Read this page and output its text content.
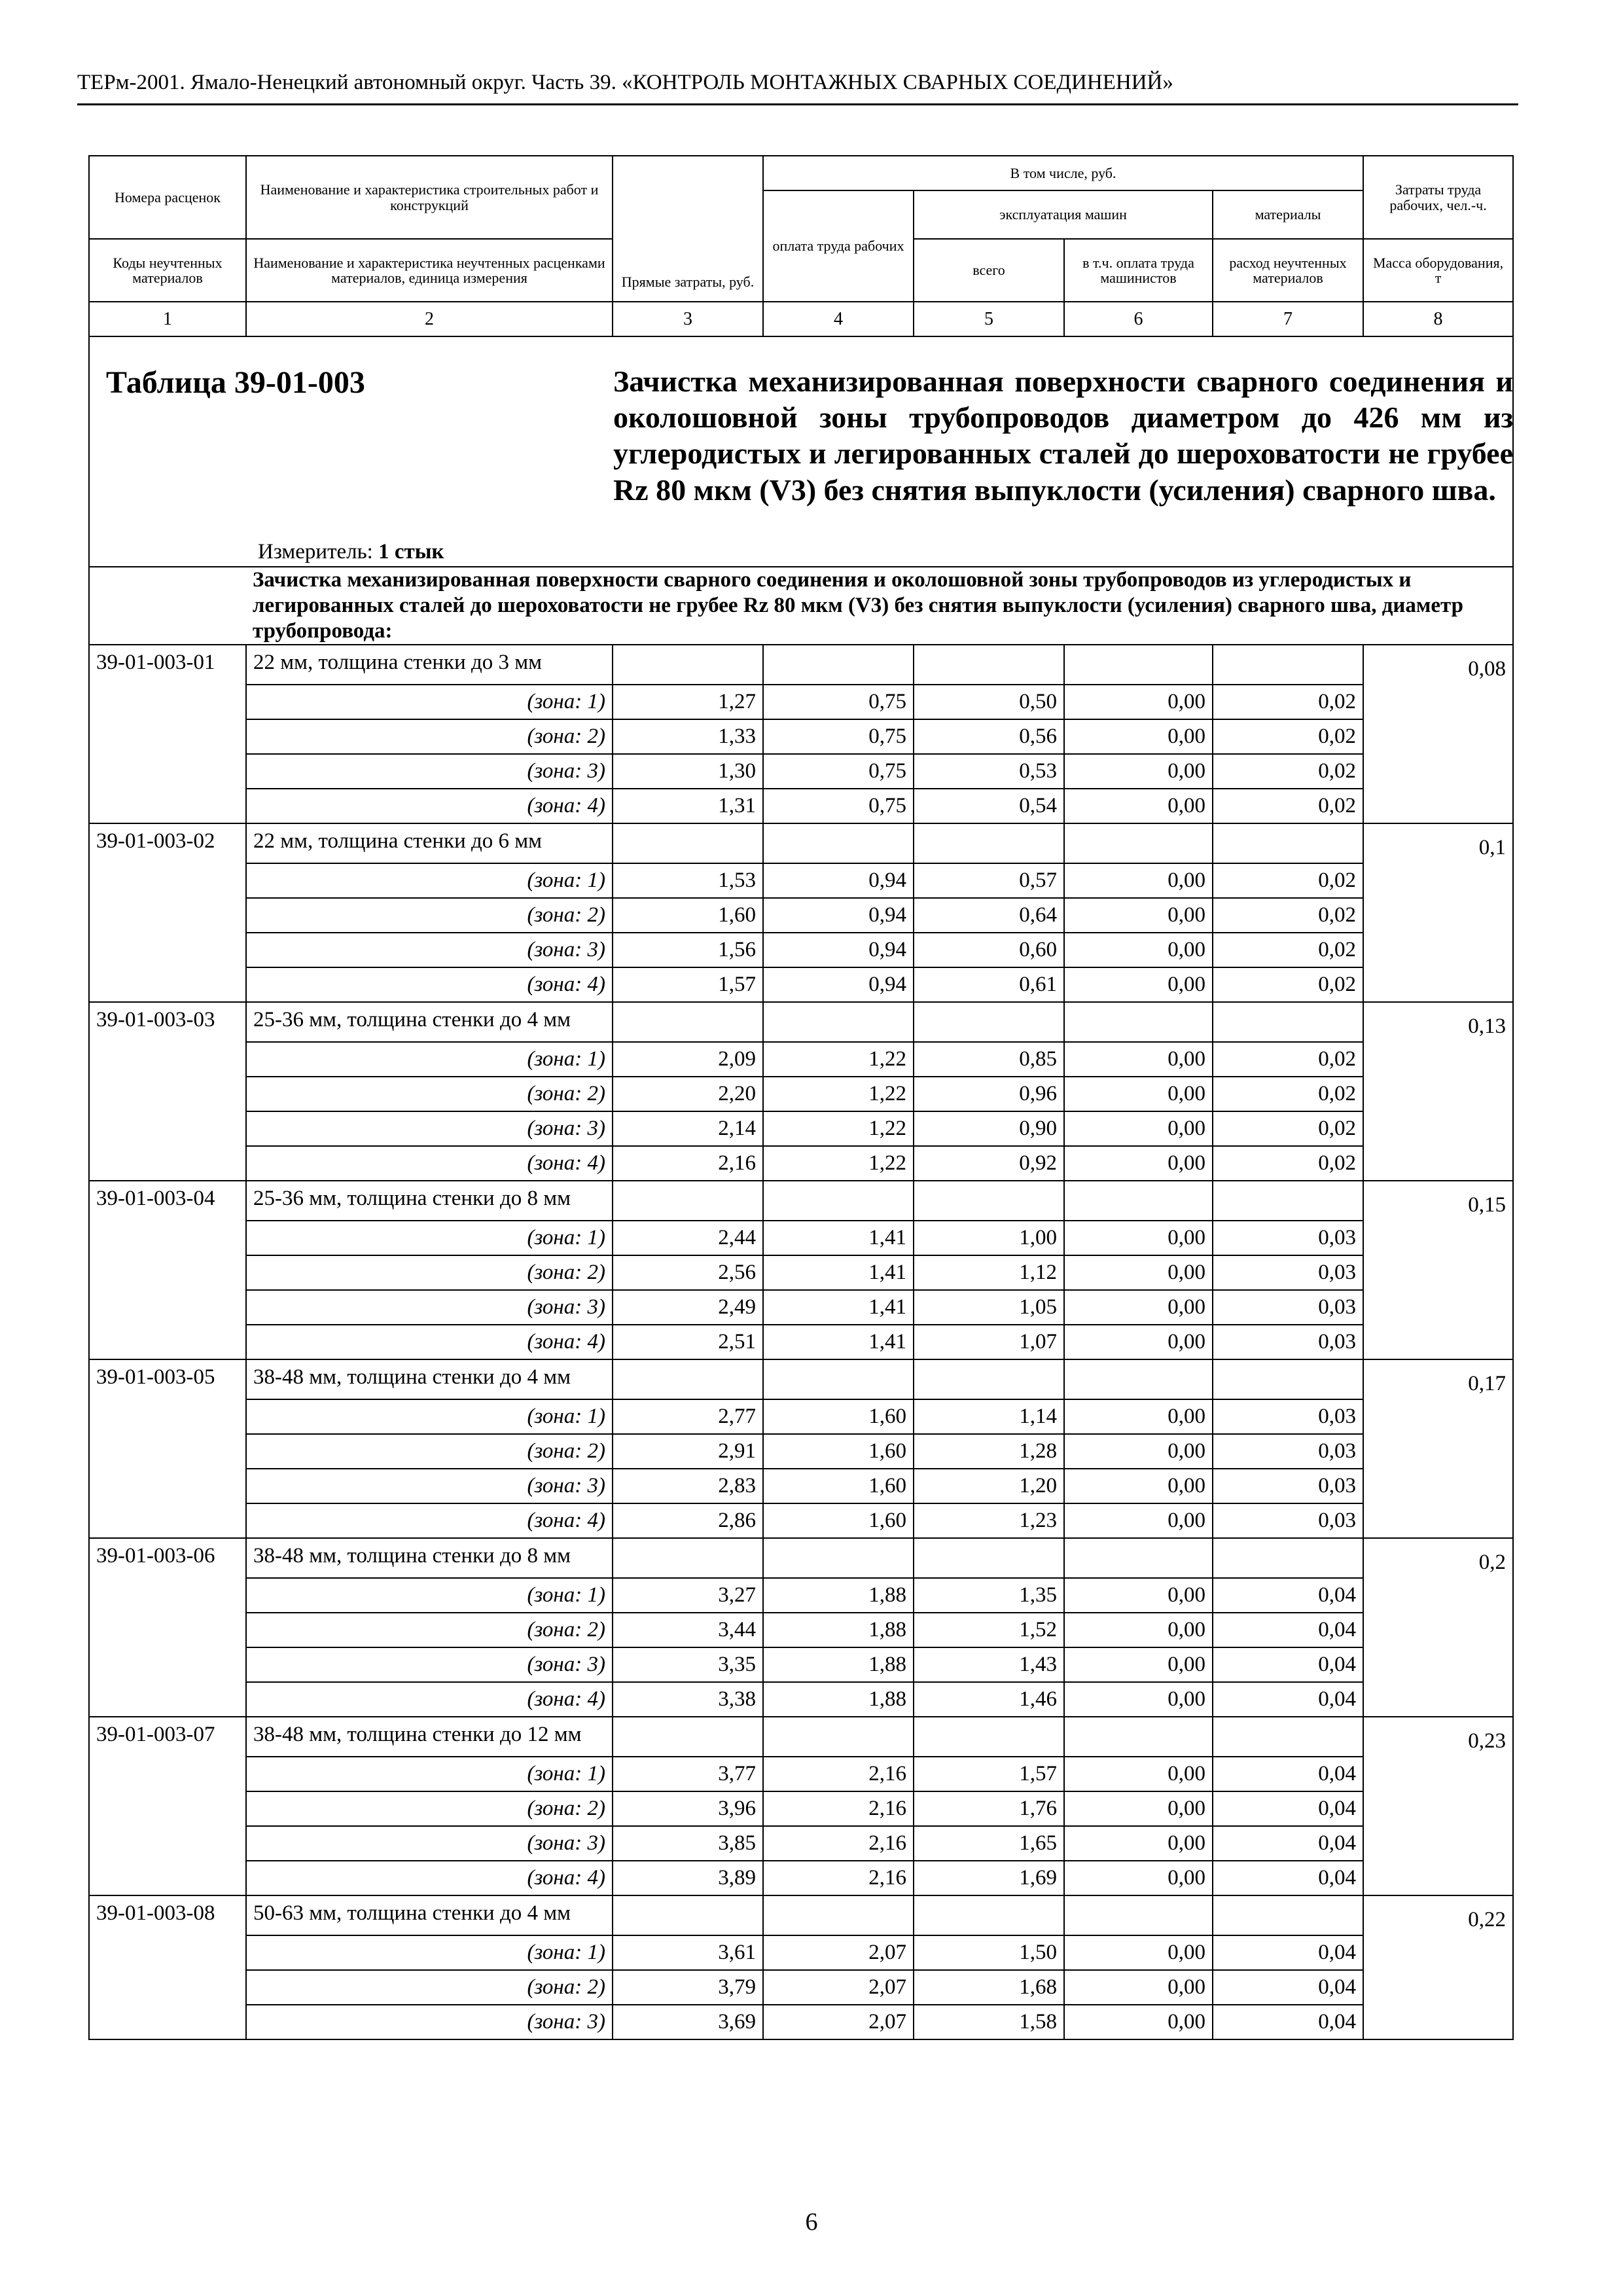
ТЕРм-2001. Ямало-Ненецкий автономный округ. Часть 39. «КОНТРОЛЬ МОНТАЖНЫХ СВАРНЫХ СОЕДИНЕНИЙ»
Номера расценок	Наименование и характеристика строительных работ и конструкций	Прямые затраты, руб.	В том числе, руб.				Затраты труда рабочих, чел.-ч.
			оплата труда рабочих	эксплуатация машин		материалы	
Коды неучтенных материалов	Наименование и характеристика неучтенных расценками материалов, единица измерения			всего	в т.ч. оплата труда машинистов	расход неучтенных материалов	Масса оборудования, т
1	2	3	4	5	6	7	8

Таблица 39-01-003 Зачистка механизированная поверхности сварного соединения и околошовной зоны трубопроводов диаметром до 426 мм из углеродистых и легированных сталей до шероховатости не грубее Rz 80 мкм (V3) без снятия выпуклости (усиления) сварного шва.
Измеритель: 1 стык							

	Зачистка механизированная поверхности сварного соединения и околошовной зоны трубопроводов из углеродистых и легированных сталей до шероховатости не грубее Rz 80 мкм (V3) без снятия выпуклости (усиления) сварного шва, диаметр трубопровода:						
39-01-003-01	22 мм, толщина стенки до 3 мм						0,08
	(зона: 1)	1,27	0,75	0,50	0,00	0,02	
	(зона: 2)	1,33	0,75	0,56	0,00	0,02	
	(зона: 3)	1,30	0,75	0,53	0,00	0,02	
	(зона: 4)	1,31	0,75	0,54	0,00	0,02	
39-01-003-02	22 мм, толщина стенки до 6 мм						0,1
	(зона: 1)	1,53	0,94	0,57	0,00	0,02	
	(зона: 2)	1,60	0,94	0,64	0,00	0,02	
	(зона: 3)	1,56	0,94	0,60	0,00	0,02	
	(зона: 4)	1,57	0,94	0,61	0,00	0,02	
39-01-003-03	25-36 мм, толщина стенки до 4 мм						0,13
	(зона: 1)	2,09	1,22	0,85	0,00	0,02	
	(зона: 2)	2,20	1,22	0,96	0,00	0,02	
	(зона: 3)	2,14	1,22	0,90	0,00	0,02	
	(зона: 4)	2,16	1,22	0,92	0,00	0,02	
39-01-003-04	25-36 мм, толщина стенки до 8 мм						0,15
	(зона: 1)	2,44	1,41	1,00	0,00	0,03	
	(зона: 2)	2,56	1,41	1,12	0,00	0,03	
	(зона: 3)	2,49	1,41	1,05	0,00	0,03	
	(зона: 4)	2,51	1,41	1,07	0,00	0,03	
39-01-003-05	38-48 мм, толщина стенки до 4 мм						0,17
	(зона: 1)	2,77	1,60	1,14	0,00	0,03	
	(зона: 2)	2,91	1,60	1,28	0,00	0,03	
	(зона: 3)	2,83	1,60	1,20	0,00	0,03	
	(зона: 4)	2,86	1,60	1,23	0,00	0,03	
39-01-003-06	38-48 мм, толщина стенки до 8 мм						0,2
	(зона: 1)	3,27	1,88	1,35	0,00	0,04	
	(зона: 2)	3,44	1,88	1,52	0,00	0,04	
	(зона: 3)	3,35	1,88	1,43	0,00	0,04	
	(зона: 4)	3,38	1,88	1,46	0,00	0,04	
39-01-003-07	38-48 мм, толщина стенки до 12 мм						0,23
	(зона: 1)	3,77	2,16	1,57	0,00	0,04	
	(зона: 2)	3,96	2,16	1,76	0,00	0,04	
	(зона: 3)	3,85	2,16	1,65	0,00	0,04	
	(зона: 4)	3,89	2,16	1,69	0,00	0,04	
39-01-003-08	50-63 мм, толщина стенки до 4 мм						0,22
	(зона: 1)	3,61	2,07	1,50	0,00	0,04	
	(зона: 2)	3,79	2,07	1,68	0,00	0,04	
	(зона: 3)	3,69	2,07	1,58	0,00	0,04	
6
